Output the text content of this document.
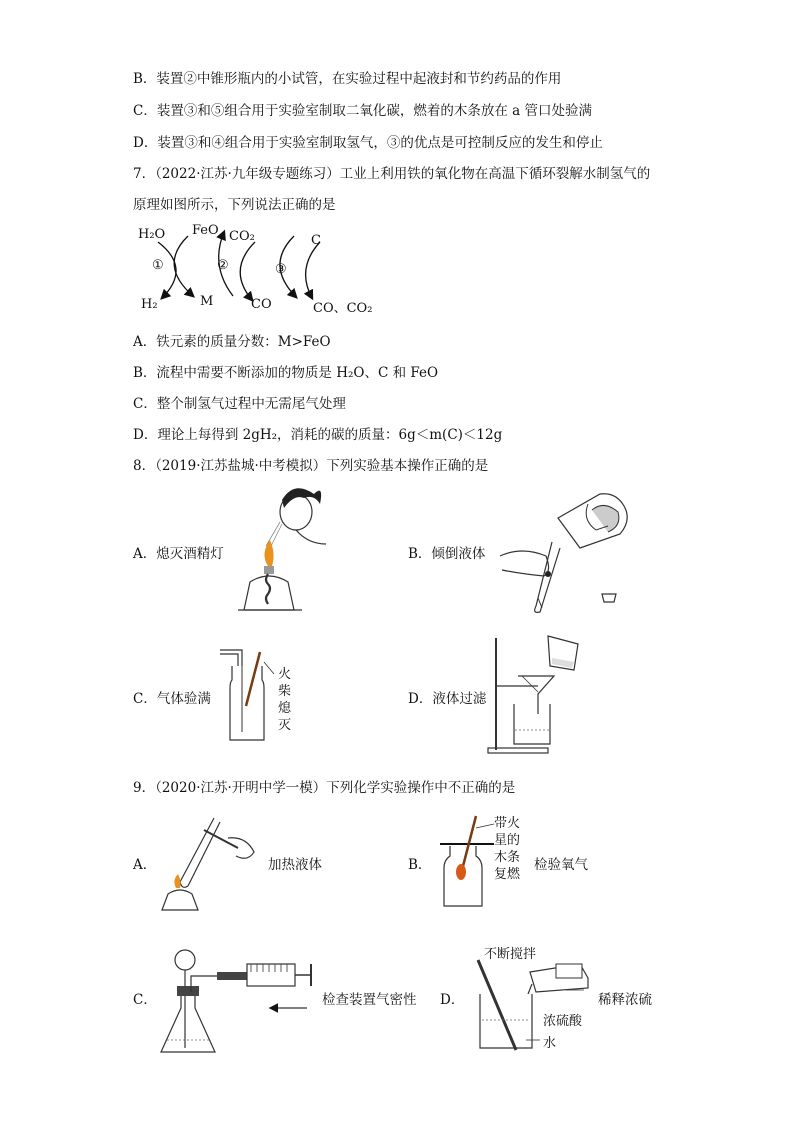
B．装置②中锥形瓶内的小试管，在实验过程中起液封和节约药品的作用
C．装置③和⑤组合用于实验室制取二氧化碳，燃着的木条放在 a 管口处验满
D．装置③和④组合用于实验室制取氢气，③的优点是可控制反应的发生和停止
7．（2022·江苏·九年级专题练习）工业上利用铁的氧化物在高温下循环裂解水制氢气的
原理如图所示，下列说法正确的是
H₂O FeO CO₂	C
①	②	③
H₂	M	CO	CO、CO₂
A．铁元素的质量分数：M>FeO
B．流程中需要不断添加的物质是 H₂O、C 和 FeO
C．整个制氢气过程中无需尾气处理
D．理论上每得到 2gH₂，消耗的碳的质量：6g＜m(C)＜12g
8．（2019·江苏盐城·中考模拟）下列实验基本操作正确的是
A．熄灭酒精灯	B．倾倒液体
C．气体验满
火
柴
熄
灭
D．液体过滤
9．（2020·江苏·开明中学一模）下列化学实验操作中不正确的是
A．	加热液体	B．
带火
星的
木条
复燃
检验氧气
C．	检查装置气密性 D．
不断搅拌
稀释浓硫
浓硫酸
水
